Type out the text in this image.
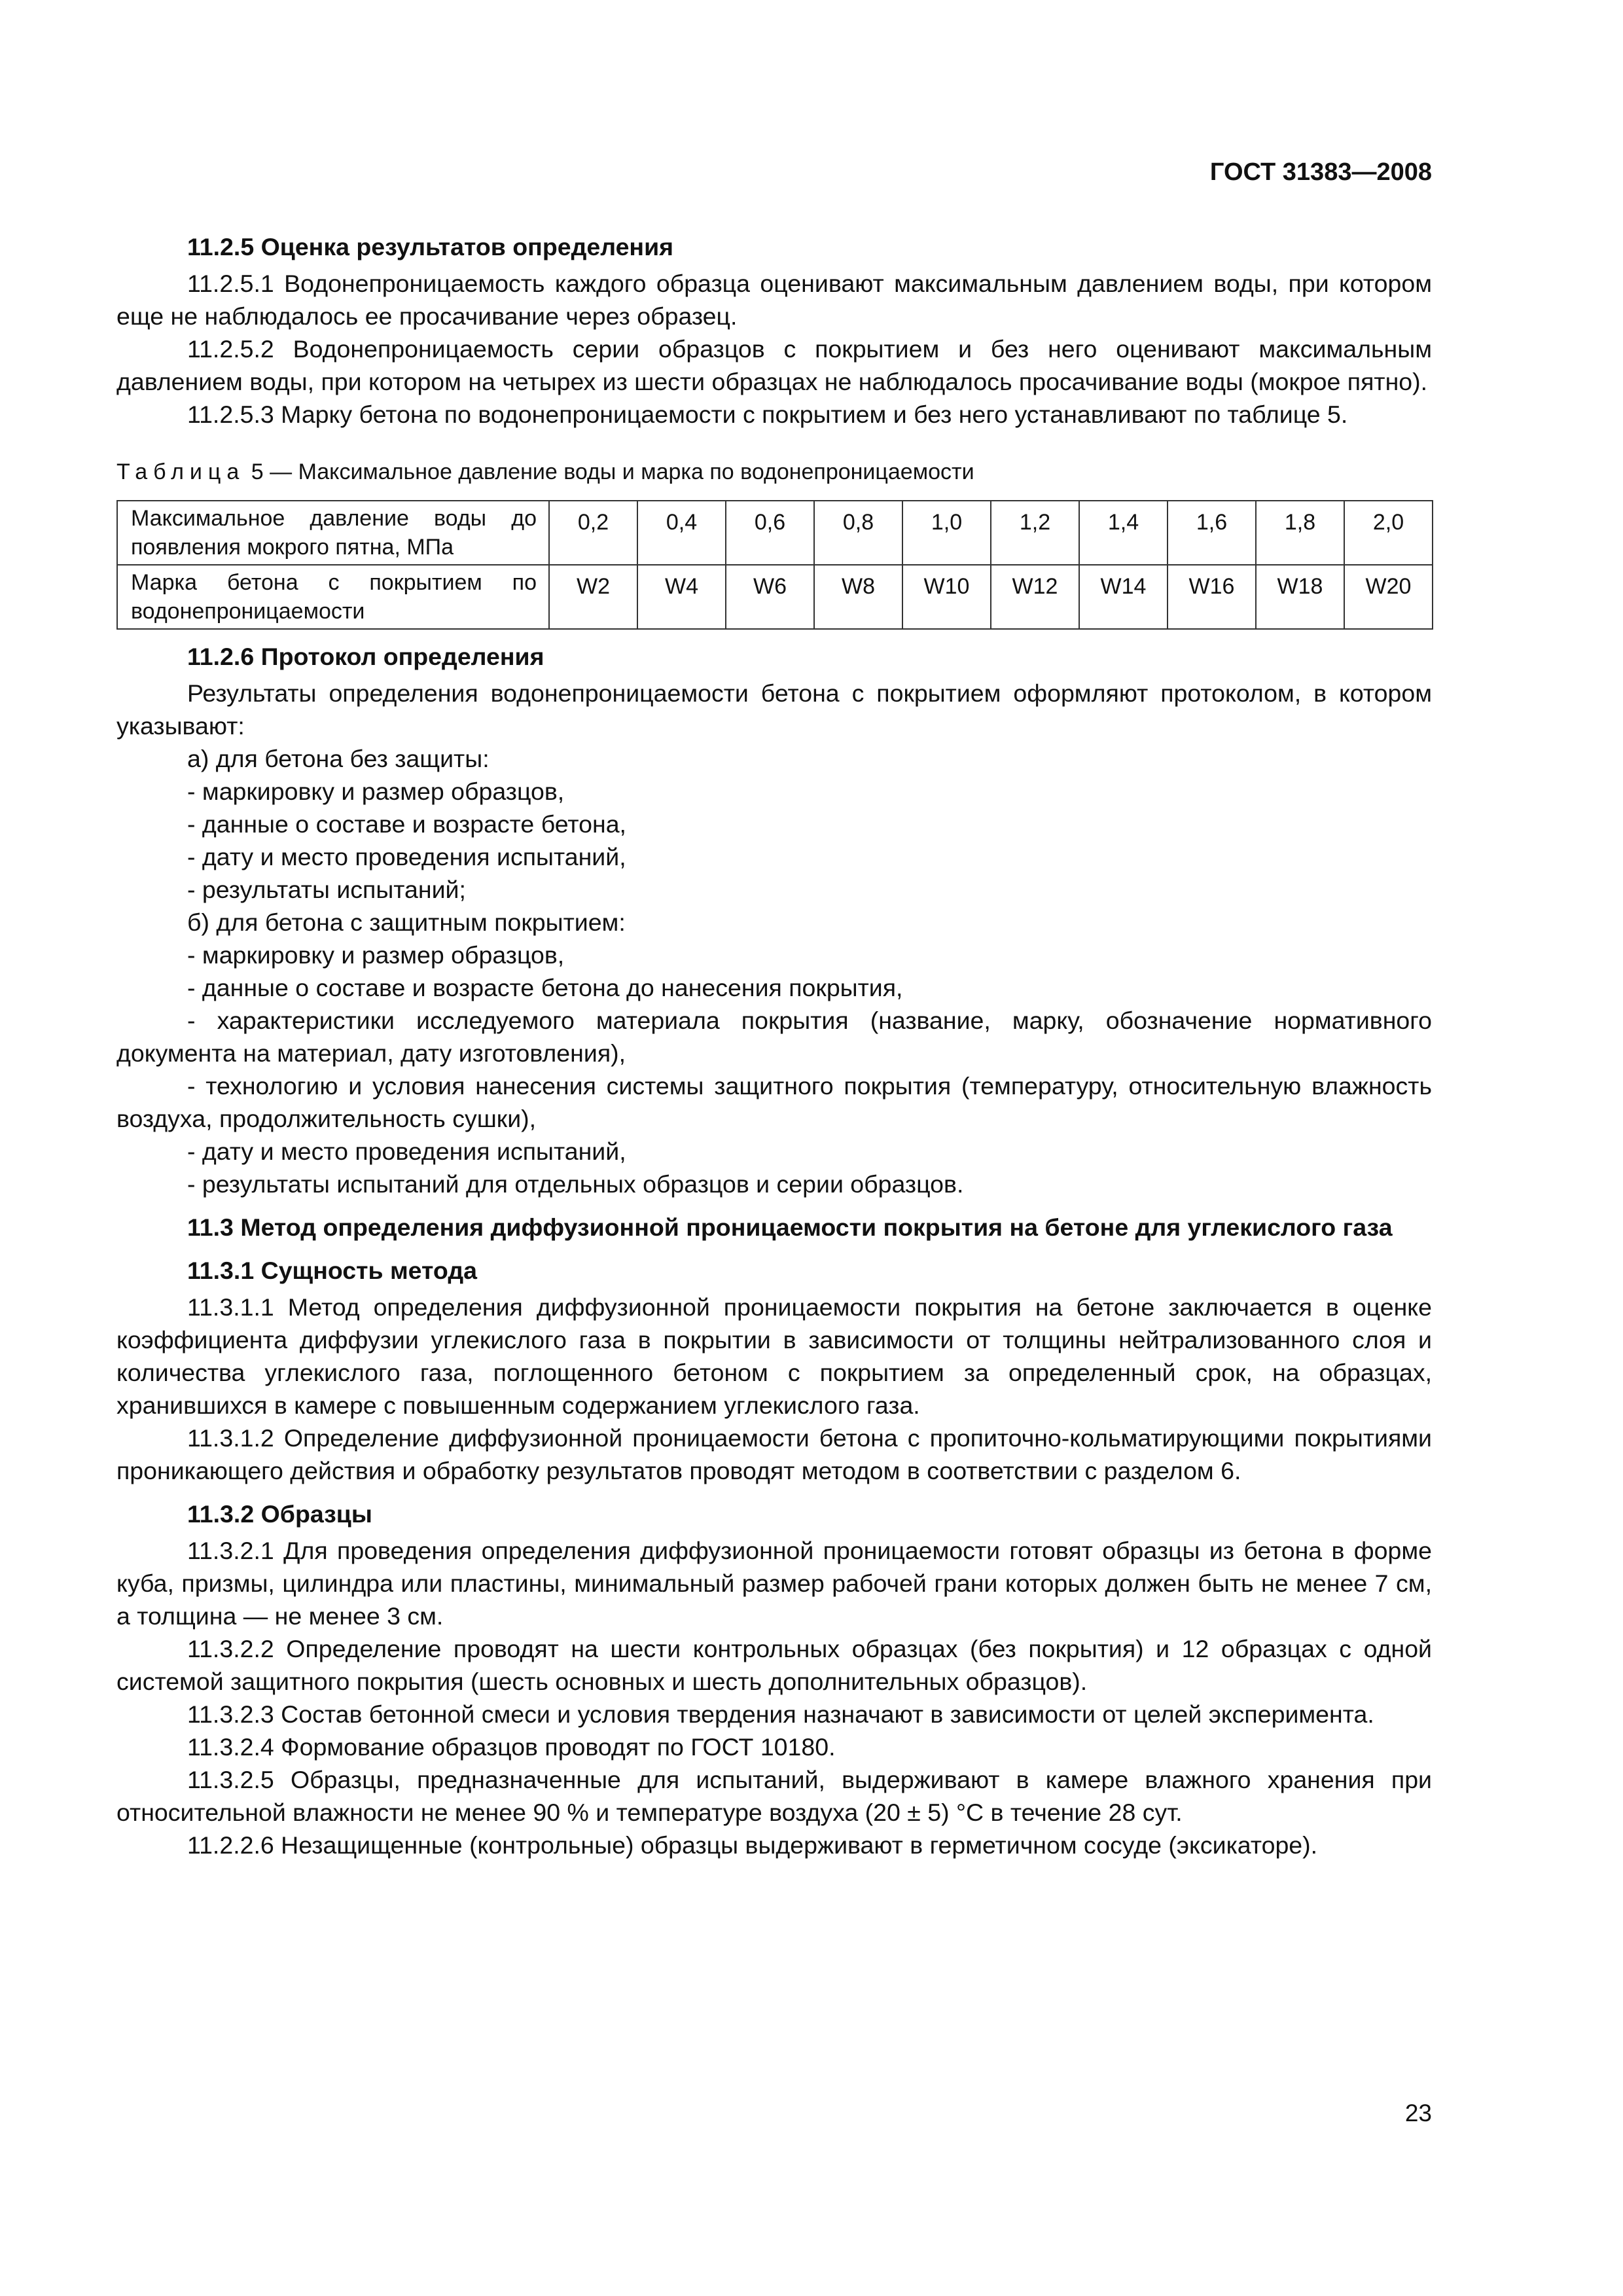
ГОСТ 31383—2008

11.2.5 Оценка результатов определения

11.2.5.1 Водонепроницаемость каждого образца оценивают максимальным давлением воды, при котором еще не наблюдалось ее просачивание через образец.

11.2.5.2 Водонепроницаемость серии образцов с покрытием и без него оценивают максимальным давлением воды, при котором на четырех из шести образцах не наблюдалось просачивание воды (мокрое пятно).

11.2.5.3 Марку бетона по водонепроницаемости с покрытием и без него устанавливают по таблице 5.

Таблица 5 — Максимальное давление воды и марка по водонепроницаемости

Максимальное давление воды до появления мокрого пятна, МПа	0,2	0,4	0,6	0,8	1,0	1,2	1,4	1,6	1,8	2,0
Марка бетона с покрытием по водонепроницаемости	W2	W4	W6	W8	W10	W12	W14	W16	W18	W20

11.2.6 Протокол определения

Результаты определения водонепроницаемости бетона с покрытием оформляют протоколом, в котором указывают:

а) для бетона без защиты:

- маркировку и размер образцов,

- данные о составе и возрасте бетона,

- дату и место проведения испытаний,

- результаты испытаний;

б) для бетона с защитным покрытием:

- маркировку и размер образцов,

- данные о составе и возрасте бетона до нанесения покрытия,

- характеристики исследуемого материала покрытия (название, марку, обозначение нормативного документа на материал, дату изготовления),

- технологию и условия нанесения системы защитного покрытия (температуру, относительную влажность воздуха, продолжительность сушки),

- дату и место проведения испытаний,

- результаты испытаний для отдельных образцов и серии образцов.

11.3 Метод определения диффузионной проницаемости покрытия на бетоне для углекислого газа

11.3.1 Сущность метода

11.3.1.1 Метод определения диффузионной проницаемости покрытия на бетоне заключается в оценке коэффициента диффузии углекислого газа в покрытии в зависимости от толщины нейтрализованного слоя и количества углекислого газа, поглощенного бетоном с покрытием за определенный срок, на образцах, хранившихся в камере с повышенным содержанием углекислого газа.

11.3.1.2 Определение диффузионной проницаемости бетона с пропиточно-кольматирующими покрытиями проникающего действия и обработку результатов проводят методом в соответствии с разделом 6.

11.3.2 Образцы

11.3.2.1 Для проведения определения диффузионной проницаемости готовят образцы из бетона в форме куба, призмы, цилиндра или пластины, минимальный размер рабочей грани которых должен быть не менее 7 см, а толщина — не менее 3 см.

11.3.2.2 Определение проводят на шести контрольных образцах (без покрытия) и 12 образцах с одной системой защитного покрытия (шесть основных и шесть дополнительных образцов).

11.3.2.3 Состав бетонной смеси и условия твердения назначают в зависимости от целей эксперимента.

11.3.2.4 Формование образцов проводят по ГОСТ 10180.

11.3.2.5 Образцы, предназначенные для испытаний, выдерживают в камере влажного хранения при относительной влажности не менее 90 % и температуре воздуха (20 ± 5) °С в течение 28 сут.

11.2.2.6 Незащищенные (контрольные) образцы выдерживают в герметичном сосуде (эксикаторе).

23
